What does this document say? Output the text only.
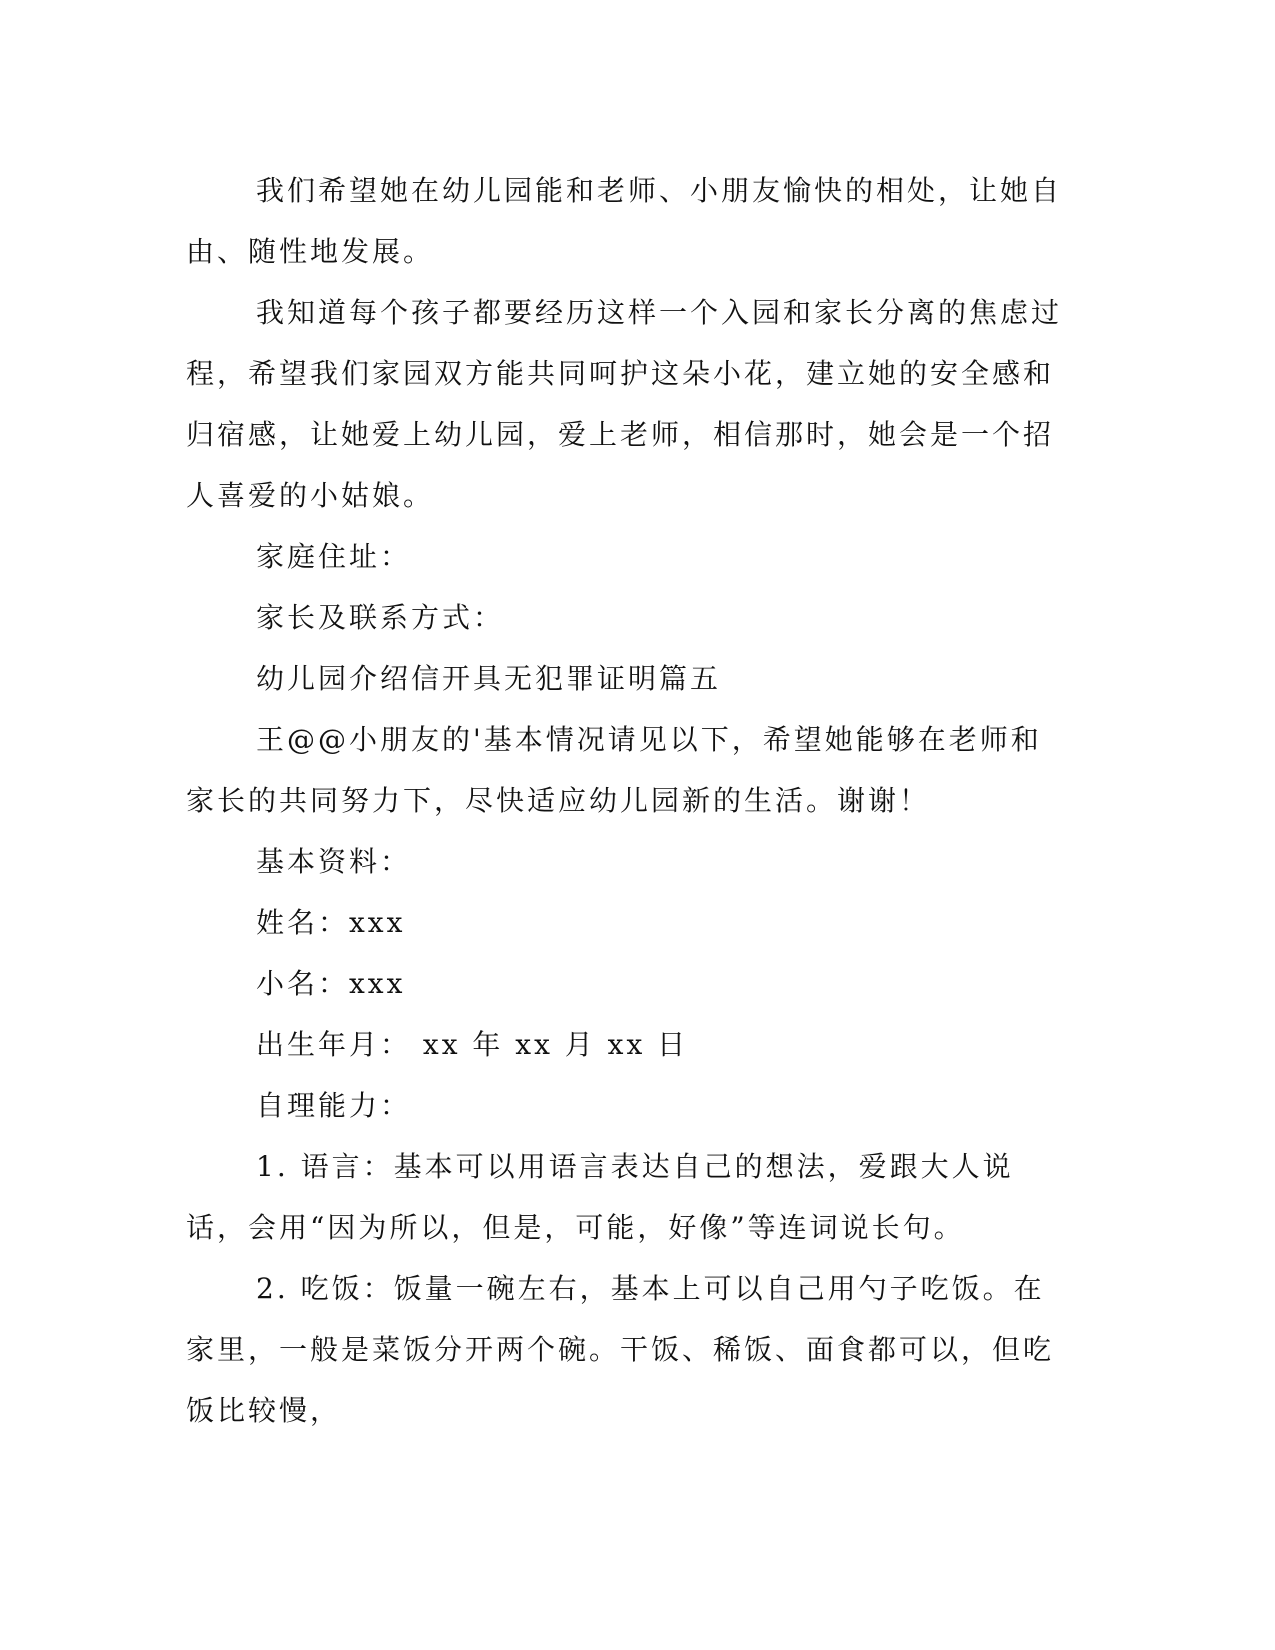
我们希望她在幼儿园能和老师、小朋友愉快的相处，让她自由、随性地发展。

我知道每个孩子都要经历这样一个入园和家长分离的焦虑过程，希望我们家园双方能共同呵护这朵小花，建立她的安全感和归宿感，让她爱上幼儿园，爱上老师，相信那时，她会是一个招人喜爱的小姑娘。

家庭住址：

家长及联系方式：

幼儿园介绍信开具无犯罪证明篇五

王@@小朋友的'基本情况请见以下，希望她能够在老师和家长的共同努力下，尽快适应幼儿园新的生活。谢谢！

基本资料：

姓名：xxx

小名：xxx

出生年月： xx 年 xx 月 xx 日

自理能力：

1. 语言：基本可以用语言表达自己的想法，爱跟大人说话，会用“因为所以，但是，可能，好像”等连词说长句。

2. 吃饭：饭量一碗左右，基本上可以自己用勺子吃饭。在家里，一般是菜饭分开两个碗。干饭、稀饭、面食都可以，但吃饭比较慢，
